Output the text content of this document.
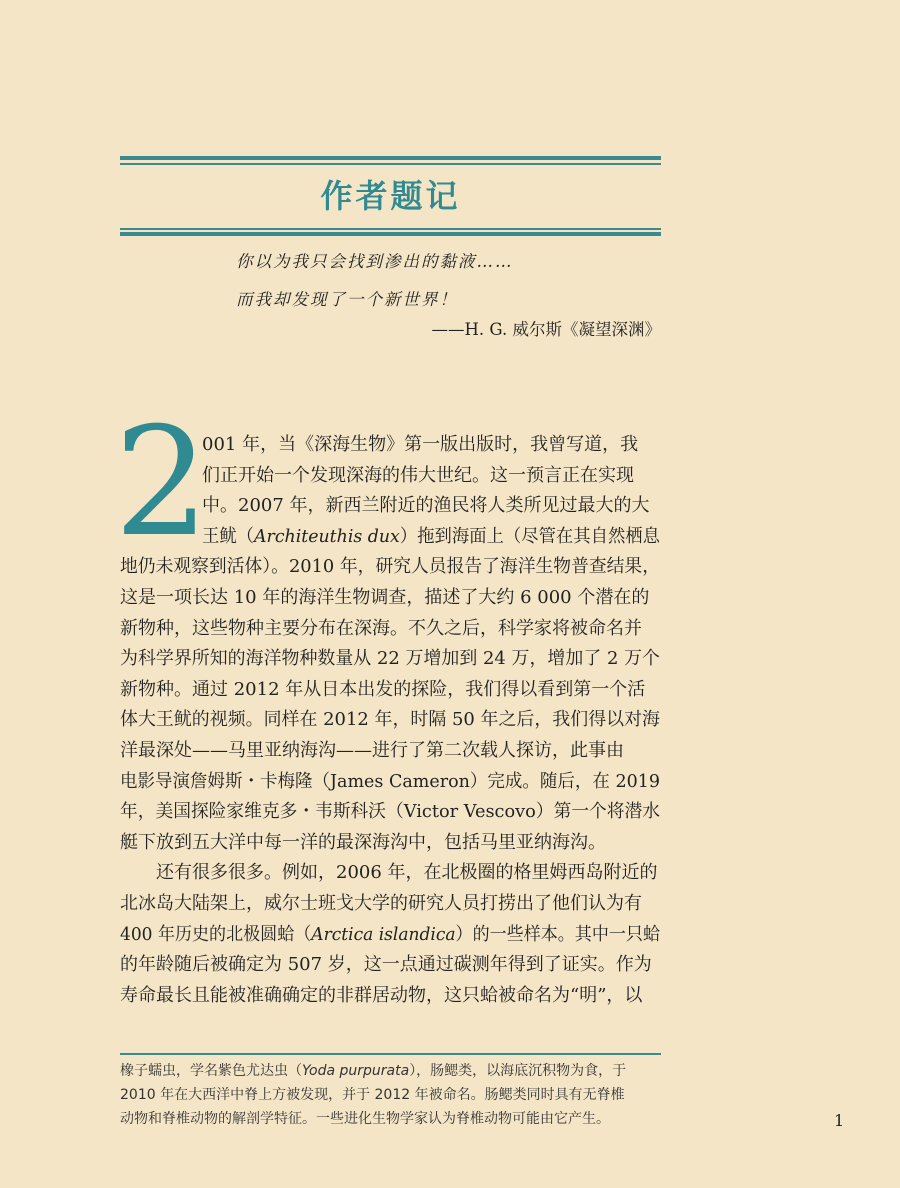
作者题记
你以为我只会找到渗出的黏液……
而我却发现了一个新世界！
——H. G. 威尔斯《凝望深渊》
2
1
001 年，当《深海生物》第一版出版时，我曾写道，我
们正开始一个发现深海的伟大世纪。这一预言正在实现
中。2007 年，新西兰附近的渔民将人类所见过最大的大
王鱿（Architeuthis dux）拖到海面上（尽管在其自然栖息
地仍未观察到活体）。2010 年，研究人员报告了海洋生物普查结果，
这是一项长达 10 年的海洋生物调查，描述了大约 6 000 个潜在的
新物种，这些物种主要分布在深海。不久之后，科学家将被命名并
为科学界所知的海洋物种数量从 22 万增加到 24 万，增加了 2 万个
新物种。通过 2012 年从日本出发的探险，我们得以看到第一个活
体大王鱿的视频。同样在 2012 年，时隔 50 年之后，我们得以对海
洋最深处——马里亚纳海沟——进行了第二次载人探访，此事由
电影导演詹姆斯・卡梅隆（James Cameron）完成。随后，在 2019
年，美国探险家维克多・韦斯科沃（Victor Vescovo）第一个将潜水
艇下放到五大洋中每一洋的最深海沟中，包括马里亚纳海沟。
还有很多很多。例如，2006 年，在北极圈的格里姆西岛附近的
北冰岛大陆架上，威尔士班戈大学的研究人员打捞出了他们认为有
400 年历史的北极圆蛤（Arctica islandica）的一些样本。其中一只蛤
的年龄随后被确定为 507 岁，这一点通过碳测年得到了证实。作为
寿命最长且能被准确确定的非群居动物，这只蛤被命名为“明”，以
橡子蠕虫，学名紫色尤达虫（Yoda purpurata），肠鳃类，以海底沉积物为食，于
2010 年在大西洋中脊上方被发现，并于 2012 年被命名。肠鳃类同时具有无脊椎
动物和脊椎动物的解剖学特征。一些进化生物学家认为脊椎动物可能由它产生。
